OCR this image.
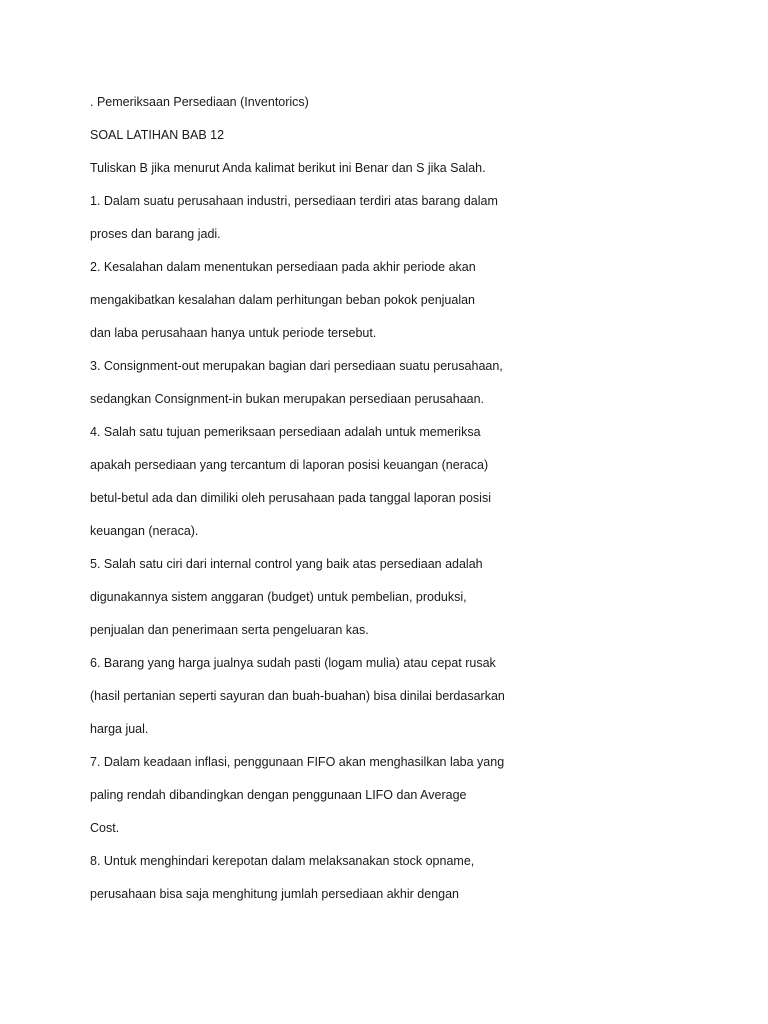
. Pemeriksaan Persediaan (Inventorics)
SOAL LATIHAN BAB 12
Tuliskan B jika menurut Anda kalimat berikut ini Benar dan S jika Salah.
1. Dalam suatu perusahaan industri, persediaan terdiri atas barang dalam
proses dan barang jadi.
2. Kesalahan dalam menentukan persediaan pada akhir periode akan
mengakibatkan kesalahan dalam perhitungan beban pokok penjualan
dan laba perusahaan hanya untuk periode tersebut.
3. Consignment-out merupakan bagian dari persediaan suatu perusahaan,
sedangkan Consignment-in bukan merupakan persediaan perusahaan.
4. Salah satu tujuan pemeriksaan persediaan adalah untuk memeriksa
apakah persediaan yang tercantum di laporan posisi keuangan (neraca)
betul-betul ada dan dimiliki oleh perusahaan pada tanggal laporan posisi
keuangan (neraca).
5. Salah satu ciri dari internal control yang baik atas persediaan adalah
digunakannya sistem anggaran (budget) untuk pembelian, produksi,
penjualan dan penerimaan serta pengeluaran kas.
6. Barang yang harga jualnya sudah pasti (logam mulia) atau cepat rusak
(hasil pertanian seperti sayuran dan buah-buahan) bisa dinilai berdasarkan
harga jual.
7. Dalam keadaan inflasi, penggunaan FIFO akan menghasilkan laba yang
paling rendah dibandingkan dengan penggunaan LIFO dan Average
Cost.
8. Untuk menghindari kerepotan dalam melaksanakan stock opname,
perusahaan bisa saja menghitung jumlah persediaan akhir dengan
